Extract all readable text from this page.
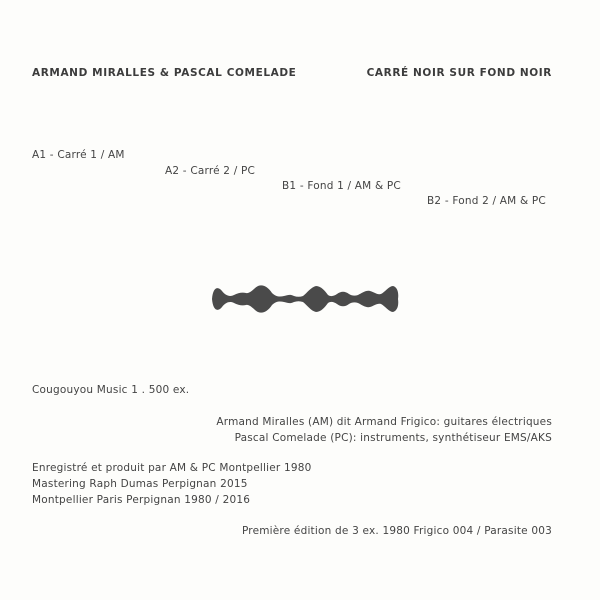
ARMAND MIRALLES & PASCAL COMELADE	CARRÉ NOIR SUR FOND NOIR
A1 - Carré 1 / AM
A2 - Carré 2 / PC
B1 - Fond 1 / AM & PC
B2 - Fond 2 / AM & PC
Cougouyou Music 1 . 500 ex.
Armand Miralles (AM) dit Armand Frigico: guitares électriques
Pascal Comelade (PC): instruments, synthétiseur EMS/AKS
Enregistré et produit par AM & PC Montpellier 1980
Mastering Raph Dumas Perpignan 2015
Montpellier Paris Perpignan 1980 / 2016
Première édition de 3 ex. 1980 Frigico 004 / Parasite 003
